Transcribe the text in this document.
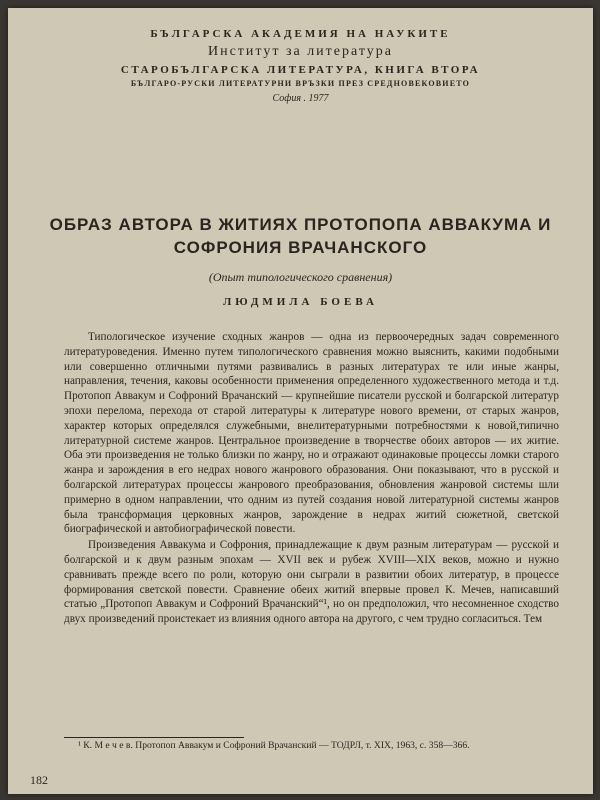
БЪЛГАРСКА АКАДЕМИЯ НА НАУКИТЕ

Институт за литература

СТАРОБЪЛГАРСКА ЛИТЕРАТУРА, КНИГА ВТОРА

БЪЛГАРО-РУСКИ ЛИТЕРАТУРНИ ВРЪЗКИ ПРЕЗ СРЕДНОВЕКОВИЕТО

София . 1977

ОБРАЗ АВТОРА В ЖИТИЯХ ПРОТОПОПА АВВАКУМА И СОФРОНИЯ ВРАЧАНСКОГО

(Опыт типологического сравнения)

ЛЮДМИЛА БОЕВА

Типологическое изучение сходных жанров — одна из первоочередных задач современного литературоведения. Именно путем типологического сравнения можно выяснить, какими подобными или совершенно отличными путями развивались в разных литературах те или иные жанры, направления, течения, каковы особенности применения определенного художественного метода и т.д. Протопоп Аввакум и Софроний Врачанский — крупнейшие писатели русской и болгарской литератур эпохи перелома, перехода от старой литературы к литературе нового времени, от старых жанров, характер которых определялся служебными, внелитературными потребностями к новой,типично литературной системе жанров. Центральное произведение в творчестве обоих авторов — их житие. Оба эти произведения не только близки по жанру, но и отражают одинаковые процессы ломки старого жанра и зарождения в его недрах нового жанрового образования. Они показывают, что в русской и болгарской литературах процессы жанрового преобразования, обновления жанровой системы шли примерно в одном направлении, что одним из путей создания новой литературной системы жанров была трансформация церковных жанров, зарождение в недрах житий сюжетной, светской биографической и автобиографической повести.

Произведения Аввакума и Софрония, принадлежащие к двум разным литературам — русской и болгарской и к двум разным эпохам — XVII век и рубеж XVIII—XIX веков, можно и нужно сравнивать прежде всего по роли, которую они сыграли в развитии обоих литератур, в процессе формирования светской повести. Сравнение обеих житий впервые провел К. Мечев, написавший статью „Протопоп Аввакум и Софроний Врачанский“¹, но он предположил, что несомненное сходство двух произведений проистекает из влияния одного автора на другого, с чем трудно согласиться. Тем

¹ К. М е ч е в. Протопоп Аввакум и Софроний Врачанский — ТОДРЛ, т. XIX, 1963, с. 358—366.

182
